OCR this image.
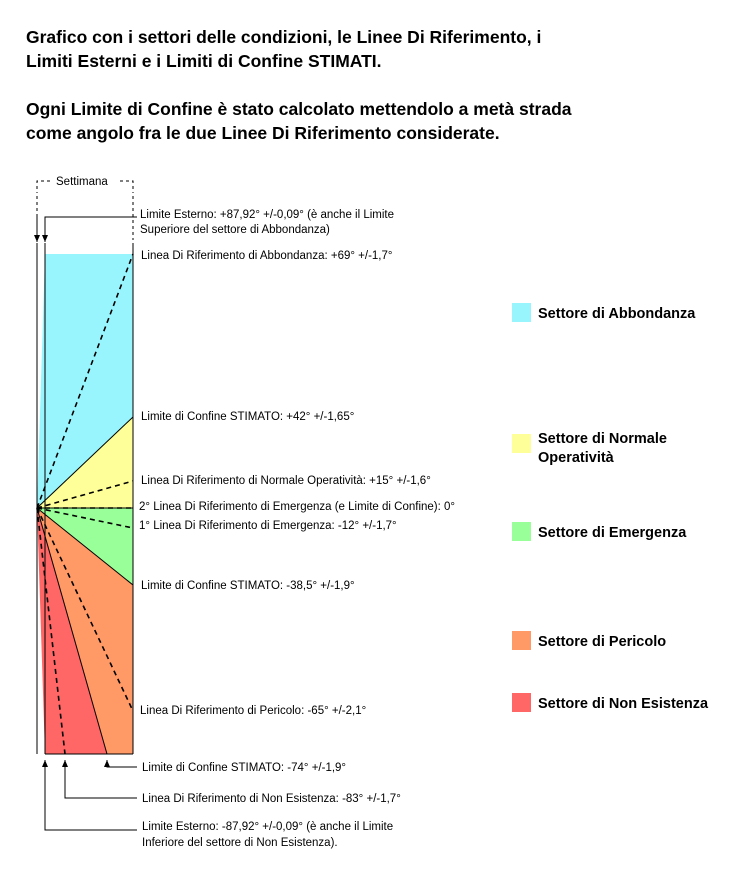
Grafico con i settori delle condizioni, le Linee Di Riferimento, i
Limiti Esterni e i Limiti di Confine STIMATI.

Ogni Limite di Confine è stato calcolato mettendolo a metà strada
come angolo fra le due Linee Di Riferimento considerate.

Settimana
Limite Esterno: +87,92° +/-0,09° (è anche il Limite
Superiore del settore di Abbondanza)
Linea Di Riferimento di Abbondanza: +69° +/-1,7°
Limite di Confine STIMATO: +42° +/-1,65°
Linea Di Riferimento di Normale Operatività: +15° +/-1,6°
2° Linea Di Riferimento di Emergenza (e Limite di Confine): 0°
1° Linea Di Riferimento di Emergenza: -12° +/-1,7°
Limite di Confine STIMATO: -38,5° +/-1,9°
Linea Di Riferimento di Pericolo: -65° +/-2,1°
Limite di Confine STIMATO: -74° +/-1,9°
Linea Di Riferimento di Non Esistenza: -83° +/-1,7°
Limite Esterno: -87,92° +/-0,09° (è anche il Limite
Inferiore del settore di Non Esistenza).
Settore di Abbondanza
Settore di Normale
Operatività
Settore di Emergenza
Settore di Pericolo
Settore di Non Esistenza
